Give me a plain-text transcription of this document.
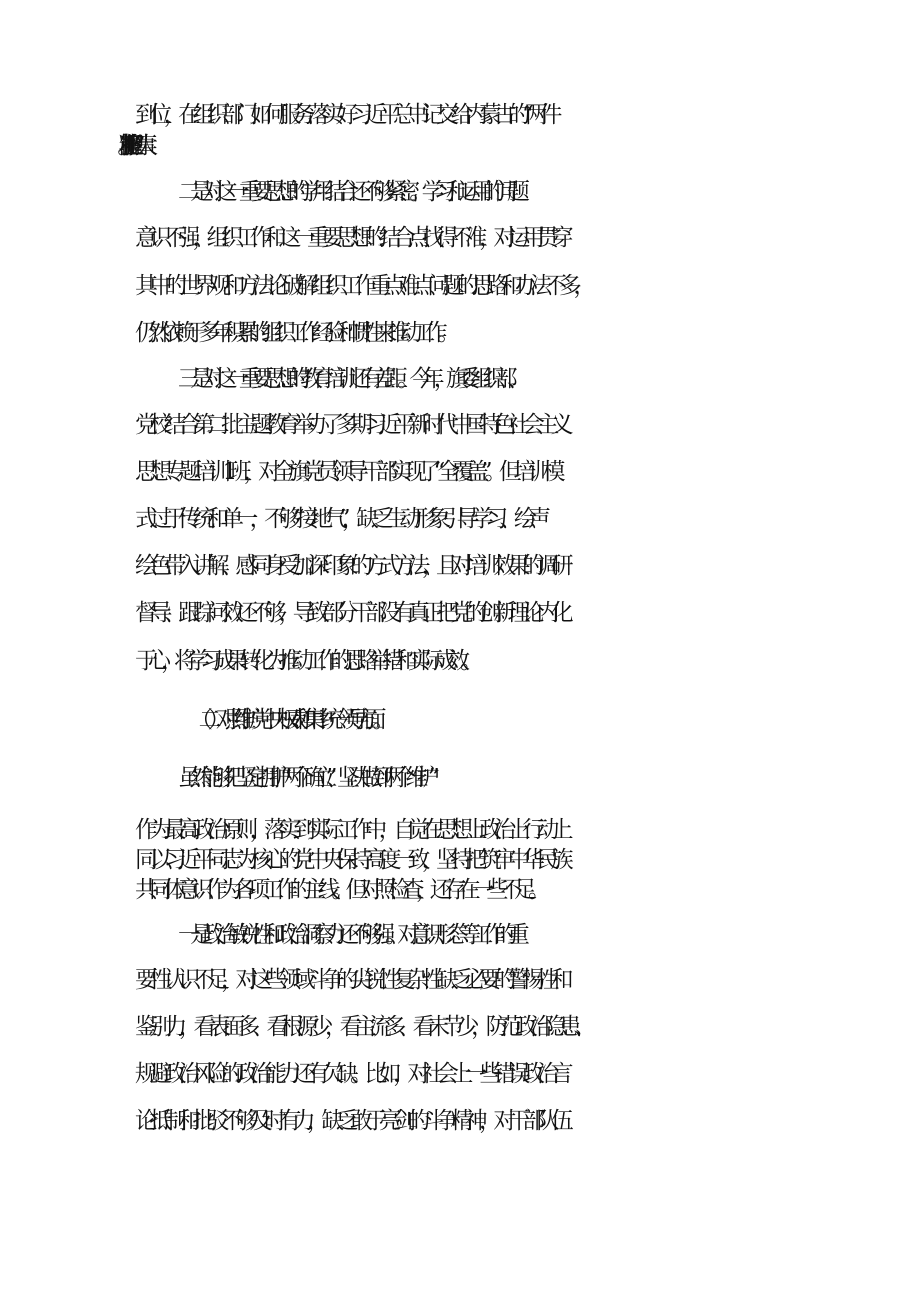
到位，在组织部门如何服务落实好习近平总书记交给内蒙古的“两件
二是对这一重要思想的学用结合还不够紧密。学习和运用的问题
意识不强，组织工作和这一重要思想的结合点找得不准，对运用贯穿
其中的世界观和方法论破解组织工作重点难点问题的思路和办法不多，
仍然依赖于多年积累的组织工作经验和惯性来推动工作。
三是对这一重要思想的教育培训还有差距。今年，旗委组织部、
党校结合第二批主题教育举办了多期习近平新时代中国特色社会主义
思想专题培训1班，对全旗党员领导干部实现了“全覆盖”。但培训模
式过于传统和单一，不够“接地气”，缺乏生动形象引导学习、绘声
绘色带入讲解、感同身受加深印象的方式方法，且对培训效果的调研
督导、跟踪问效还不够，导致部分干部没有真正把党的创新理论内化
于心，将学习成果转化为推动工作的思路举措和实际成效。
（二）对照维护党中央权威和集中统一领导方面。
虽然能够把坚定拥护“两个确立”、坚决做到“两个维护”
作为最高政治原则，落实到实际工作中，自觉在思想上政治上行动上
同以习近平同志为核心的党中央保持高度一致，坚持把筑牢中华民族
共同体意识作为各项工作的主线。但对照检查，还存在一些不足。
一是政治敏锐性和政治洞察力还不够强。对意识形态等工作的重
要性认识不足，对这些领域斗争的尖锐性复杂性缺乏必要的警惕性和
鉴别力，看表面多、看根源少，看主流多、看末节少，防范政治隐患、
规避政治风险的政治能力还有欠缺。比如，对社会上一些错误政治言
论抵制和批驳不够及时有力，缺乏敢于亮剑的斗争精神，对干部队伍
